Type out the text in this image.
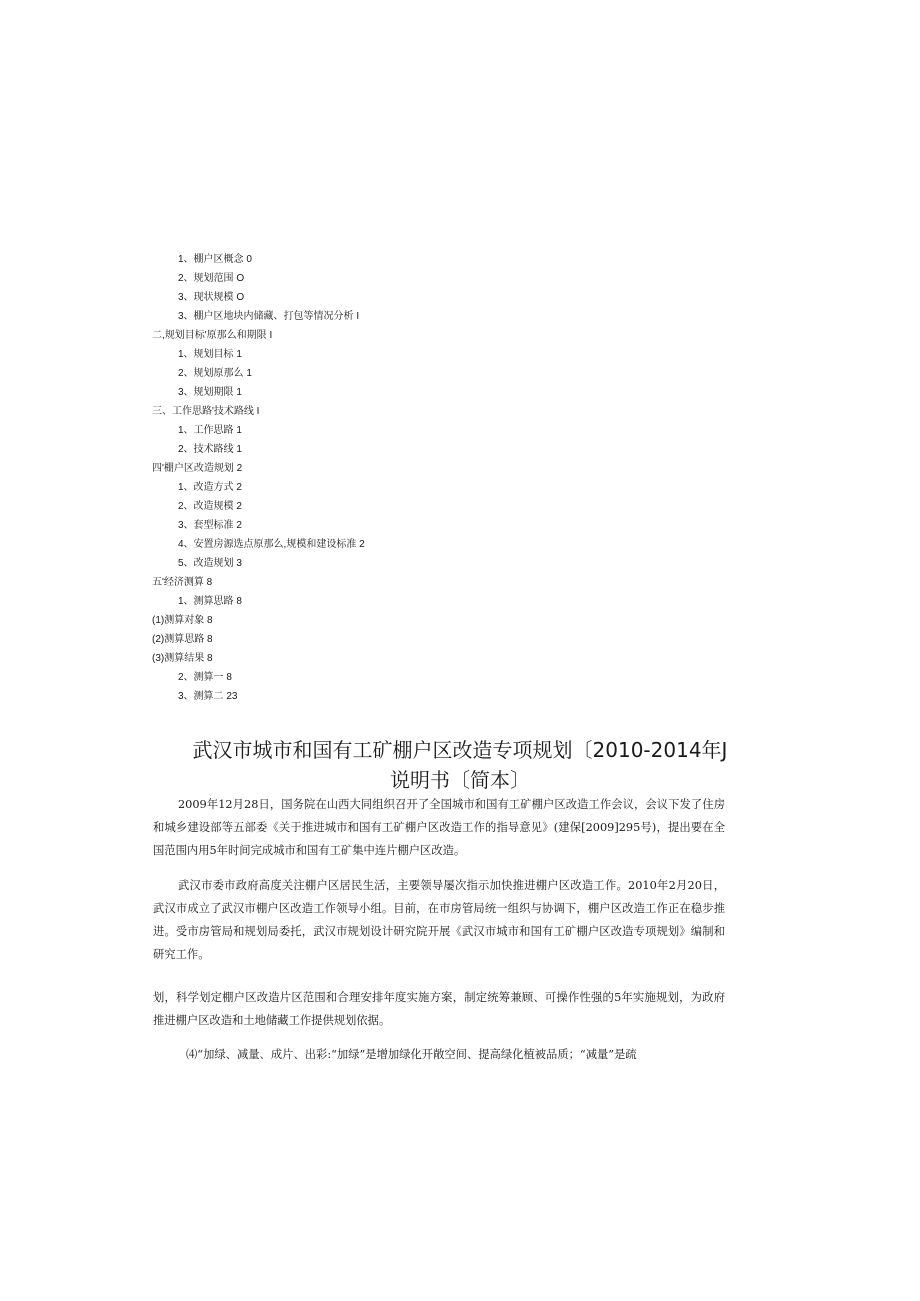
1、棚户区概念 0
2、规划范围 O
3、现状规模 O
3、棚户区地块内储藏、打包等情况分析 I
二,规划目标'原那么和期限 I
1、规划目标 1
2、规划原那么 1
3、规划期限 1
三、工作思路'技术路线 I
1、工作思路 1
2、技术路线 1
四'棚户区改造规划 2
1、改造方式 2
2、改造规模 2
3、套型标准 2
4、安置房源选点原那么,规模和建设标准 2
5、改造规划 3
五'经济测算 8
1、测算思路 8
(1)测算对象 8
(2)测算思路 8
(3)测算结果 8
2、测算一 8
3、测算二 23
武汉市城市和国有工矿棚户区改造专项规划〔2010-2014年J
说明书〔简本〕
2009年12月28日，国务院在山西大同组织召开了全国城市和国有工矿棚户区改造工作会议，会议下发了住房和城乡建设部等五部委《关于推进城市和国有工矿棚户区改造工作的指导意见》(建保[2009]295号)，提出要在全国范围内用5年时间完成城市和国有工矿集中连片棚户区改造。
武汉市委市政府高度关注棚户区居民生活，主要领导屡次指示加快推进棚户区改造工作。2010年2月20日，武汉市成立了武汉市棚户区改造工作领导小组。目前，在市房管局统一组织与协调下，棚户区改造工作正在稳步推进。受市房管局和规划局委托，武汉市规划设计研究院开展《武汉市城市和国有工矿棚户区改造专项规划》编制和研究工作。
划，科学划定棚户区改造片区范围和合理安排年度实施方案，制定统筹兼顾、可操作性强的5年实施规划，为政府推进棚户区改造和土地储藏工作提供规划依据。
⑷“加绿、减量、成片、出彩:“加绿”是增加绿化开敞空间、提高绿化植被品质；“减量”是疏
